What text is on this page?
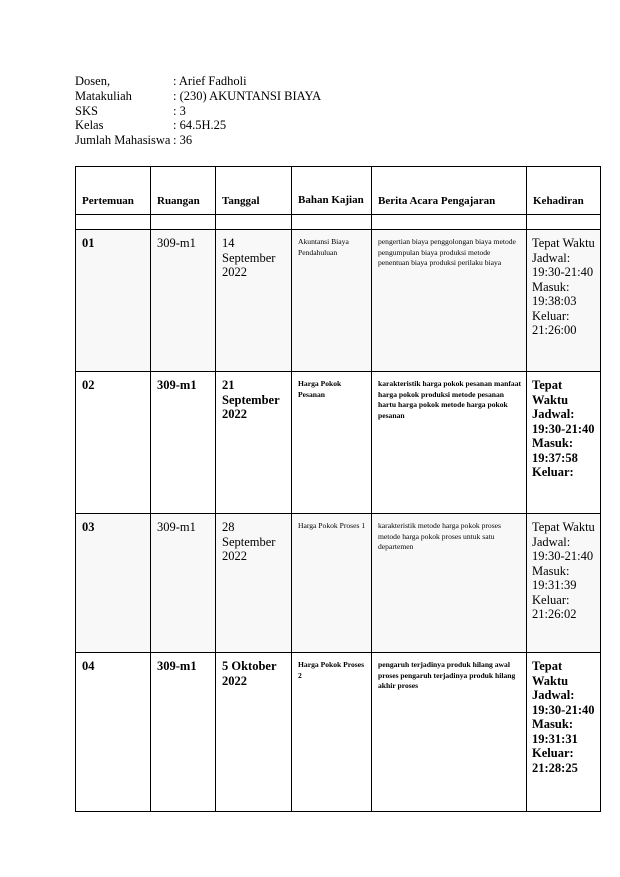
Dosen,	: Arief Fadholi
Matakuliah	: (230) AKUNTANSI BIAYA
SKS	: 3
Kelas	: 64.5H.25
Jumlah Mahasiswa : 36
Pertemuan	Ruangan	Tanggal	Bahan Kajian	Berita Acara Pengajaran	Kehadiran

01	309-m1	14 September 2022	Akuntansi Biaya Pendahuluan	pengertian biaya penggolongan biaya metode pengumpulan biaya produksi metode penentuan biaya produksi perilaku biaya	Tepat Waktu Jadwal: 19:30-21:40 Masuk: 19:38:03 Keluar: 21:26:00
02	309-m1	21 September 2022	Harga Pokok Pesanan	karakteristik harga pokok pesanan manfaat harga pokok produksi metode pesanan hartu harga pokok metode harga pokok pesanan	Tepat Waktu Jadwal: 19:30-21:40 Masuk: 19:37:58 Keluar:
03	309-m1	28 September 2022	Harga Pokok Proses 1	karakteristik metode harga pokok proses metode harga pokok proses untuk satu departemen	Tepat Waktu Jadwal: 19:30-21:40 Masuk: 19:31:39 Keluar: 21:26:02
04	309-m1	5 Oktober 2022	Harga Pokok Proses 2	pengaruh terjadinya produk hilang awal proses pengaruh terjadinya produk hilang akhir proses	Tepat Waktu Jadwal: 19:30-21:40 Masuk: 19:31:31 Keluar: 21:28:25
